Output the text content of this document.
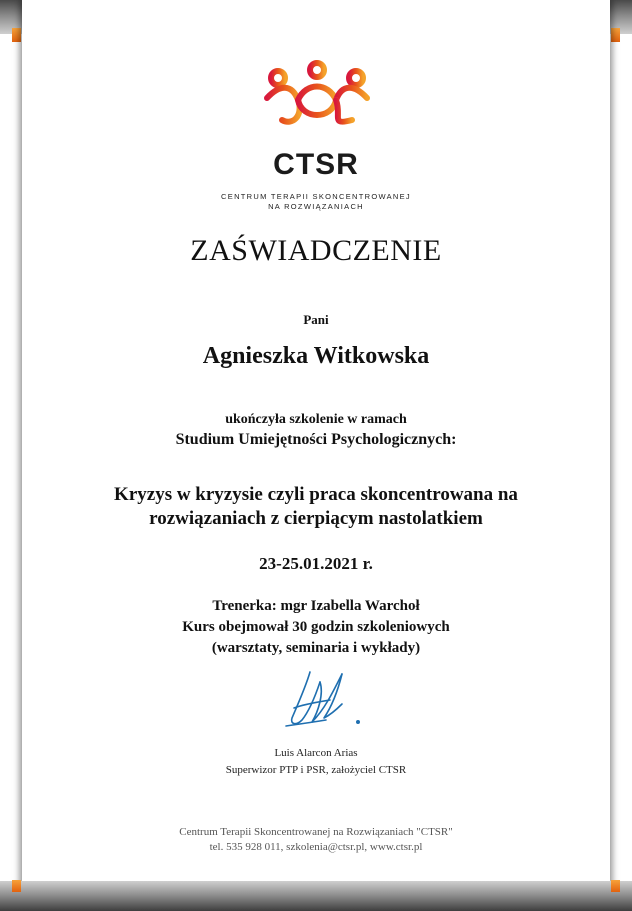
CTSR
CENTRUM TERAPII SKONCENTROWANEJ
NA ROZWIĄZANIACH
ZAŚWIADCZENIE
Pani
Agnieszka Witkowska
ukończyła szkolenie w ramach
Studium Umiejętności Psychologicznych:
Kryzys w kryzysie czyli praca skoncentrowana na
rozwiązaniach z cierpiącym nastolatkiem
23-25.01.2021 r.
Trenerka: mgr Izabella Warchoł
Kurs obejmował 30 godzin szkoleniowych
(warsztaty, seminaria i wykłady)
Luis Alarcon Arias
Superwizor PTP i PSR, założyciel CTSR
Centrum Terapii Skoncentrowanej na Rozwiązaniach "CTSR"
tel. 535 928 011, szkolenia@ctsr.pl, www.ctsr.pl
